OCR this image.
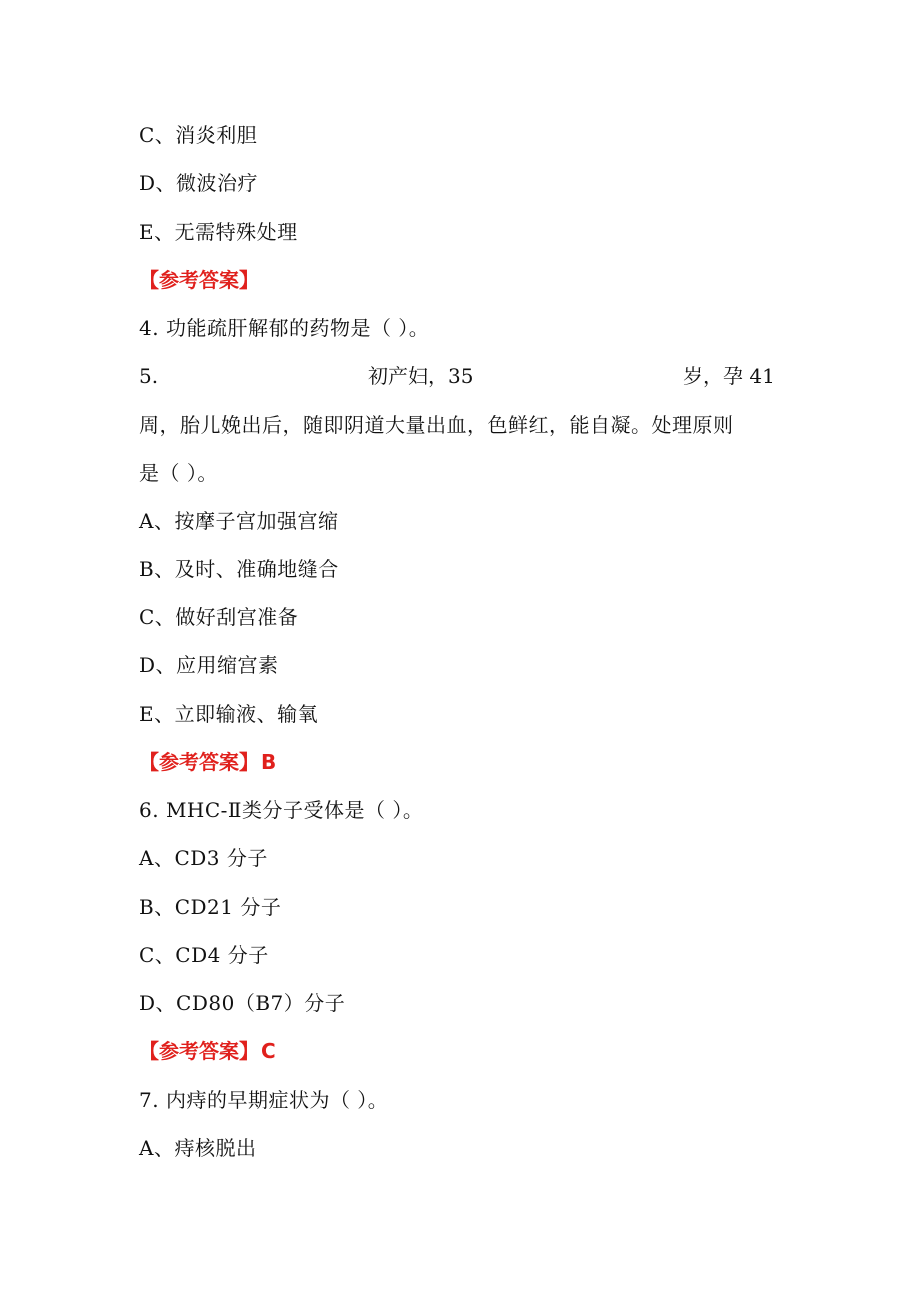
C、消炎利胆
D、微波治疗
E、无需特殊处理
【参考答案】
4. 功能疏肝解郁的药物是（ ）。
5.	初产妇，35	岁，孕 41
周，胎儿娩出后，随即阴道大量出血，色鲜红，能自凝。处理原则
是（ ）。
A、按摩子宫加强宫缩
B、及时、准确地缝合
C、做好刮宫准备
D、应用缩宫素
E、立即输液、输氧
【参考答案】 B
6. MHC-Ⅱ类分子受体是（ ）。
A、CD3 分子
B、CD21 分子
C、CD4 分子
D、CD80（B7）分子
【参考答案】 C
7. 内痔的早期症状为（ ）。
A、痔核脱出
